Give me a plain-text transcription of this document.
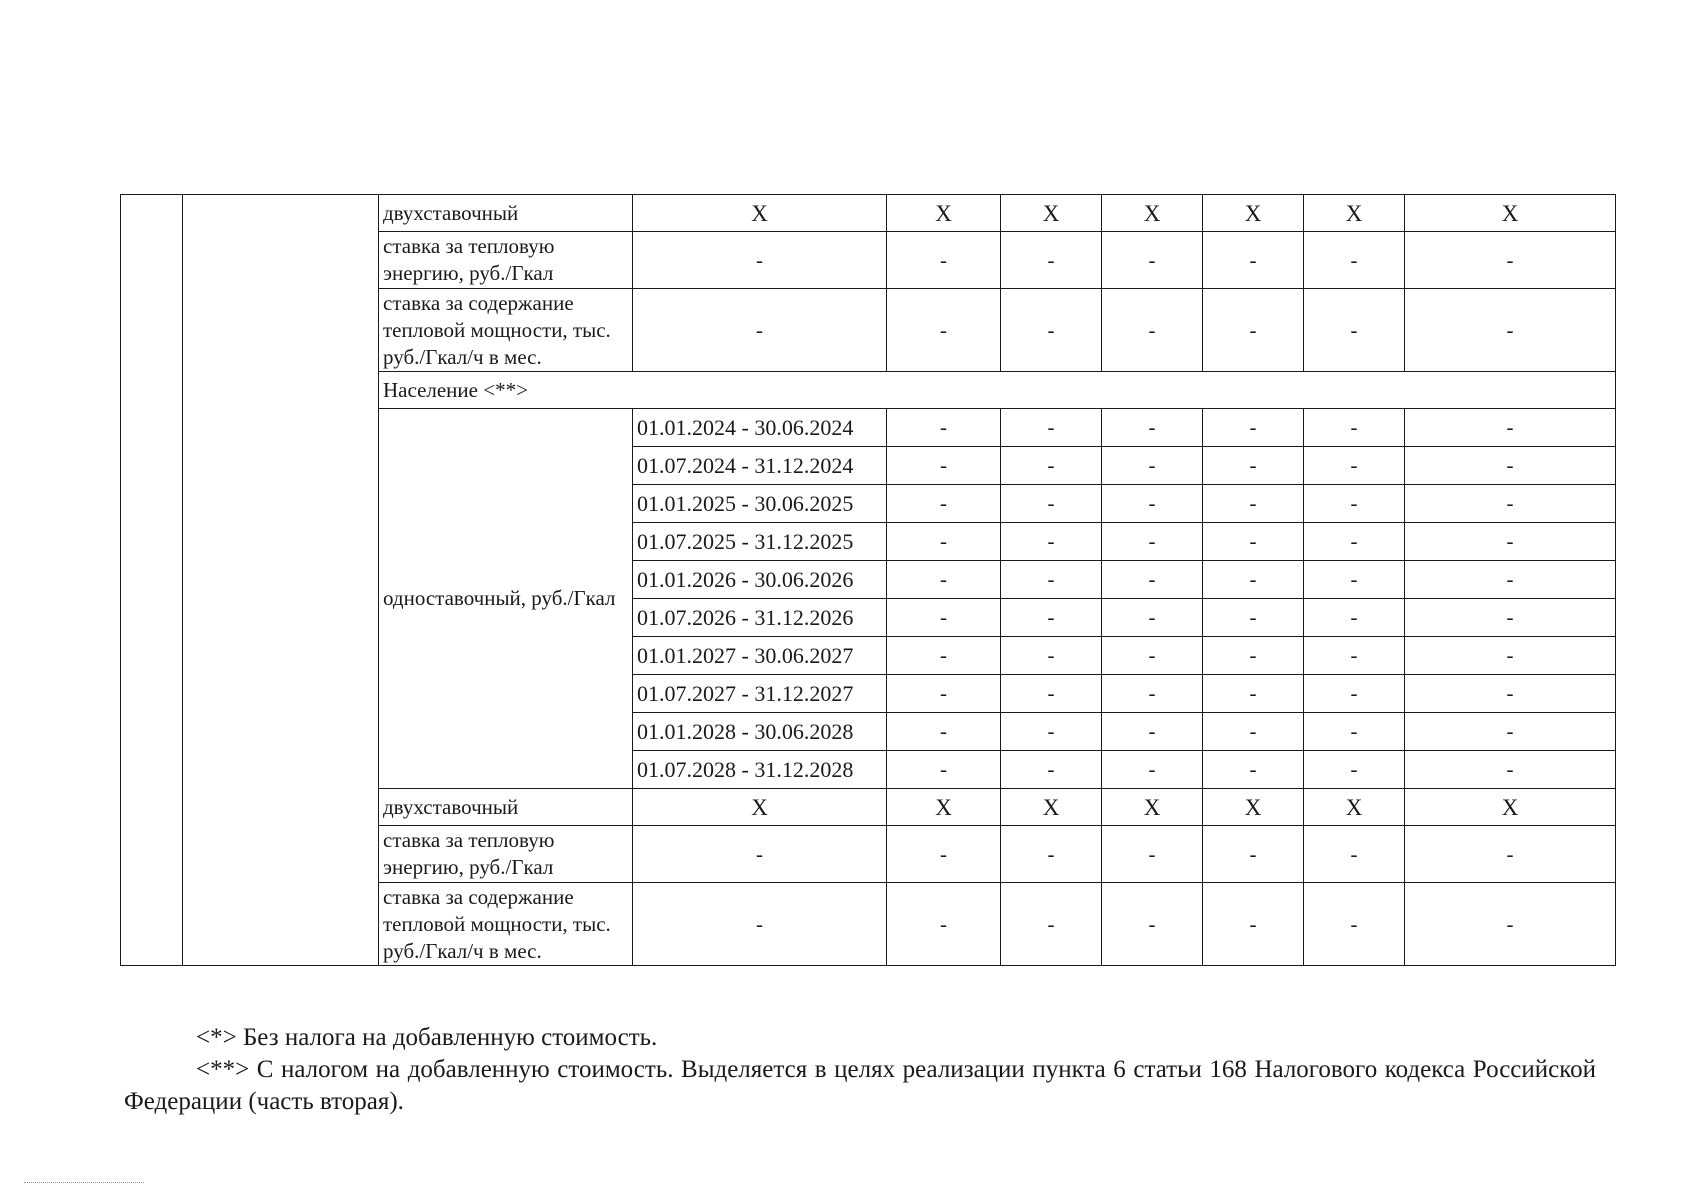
		двухставочный	X	X	X	X	X	X	X
		ставка за тепловую энергию, руб./Гкал	-	-	-	-	-	-	-
		ставка за содержание тепловой мощности, тыс. руб./Гкал/ч в мес.	-	-	-	-	-	-	-
		Население <**>							
		одноставочный, руб./Гкал	01.01.2024 - 30.06.2024	-	-	-	-	-	-
			01.07.2024 - 31.12.2024	-	-	-	-	-	-
			01.01.2025 - 30.06.2025	-	-	-	-	-	-
			01.07.2025 - 31.12.2025	-	-	-	-	-	-
			01.01.2026 - 30.06.2026	-	-	-	-	-	-
			01.07.2026 - 31.12.2026	-	-	-	-	-	-
			01.01.2027 - 30.06.2027	-	-	-	-	-	-
			01.07.2027 - 31.12.2027	-	-	-	-	-	-
			01.01.2028 - 30.06.2028	-	-	-	-	-	-
			01.07.2028 - 31.12.2028	-	-	-	-	-	-
		двухставочный	X	X	X	X	X	X	X
		ставка за тепловую энергию, руб./Гкал	-	-	-	-	-	-	-
		ставка за содержание тепловой мощности, тыс. руб./Гкал/ч в мес.	-	-	-	-	-	-	-

<*> Без налога на добавленную стоимость.

<**> С налогом на добавленную стоимость. Выделяется в целях реализации пункта 6 статьи 168 Налогового кодекса Российской Федерации (часть вторая).
